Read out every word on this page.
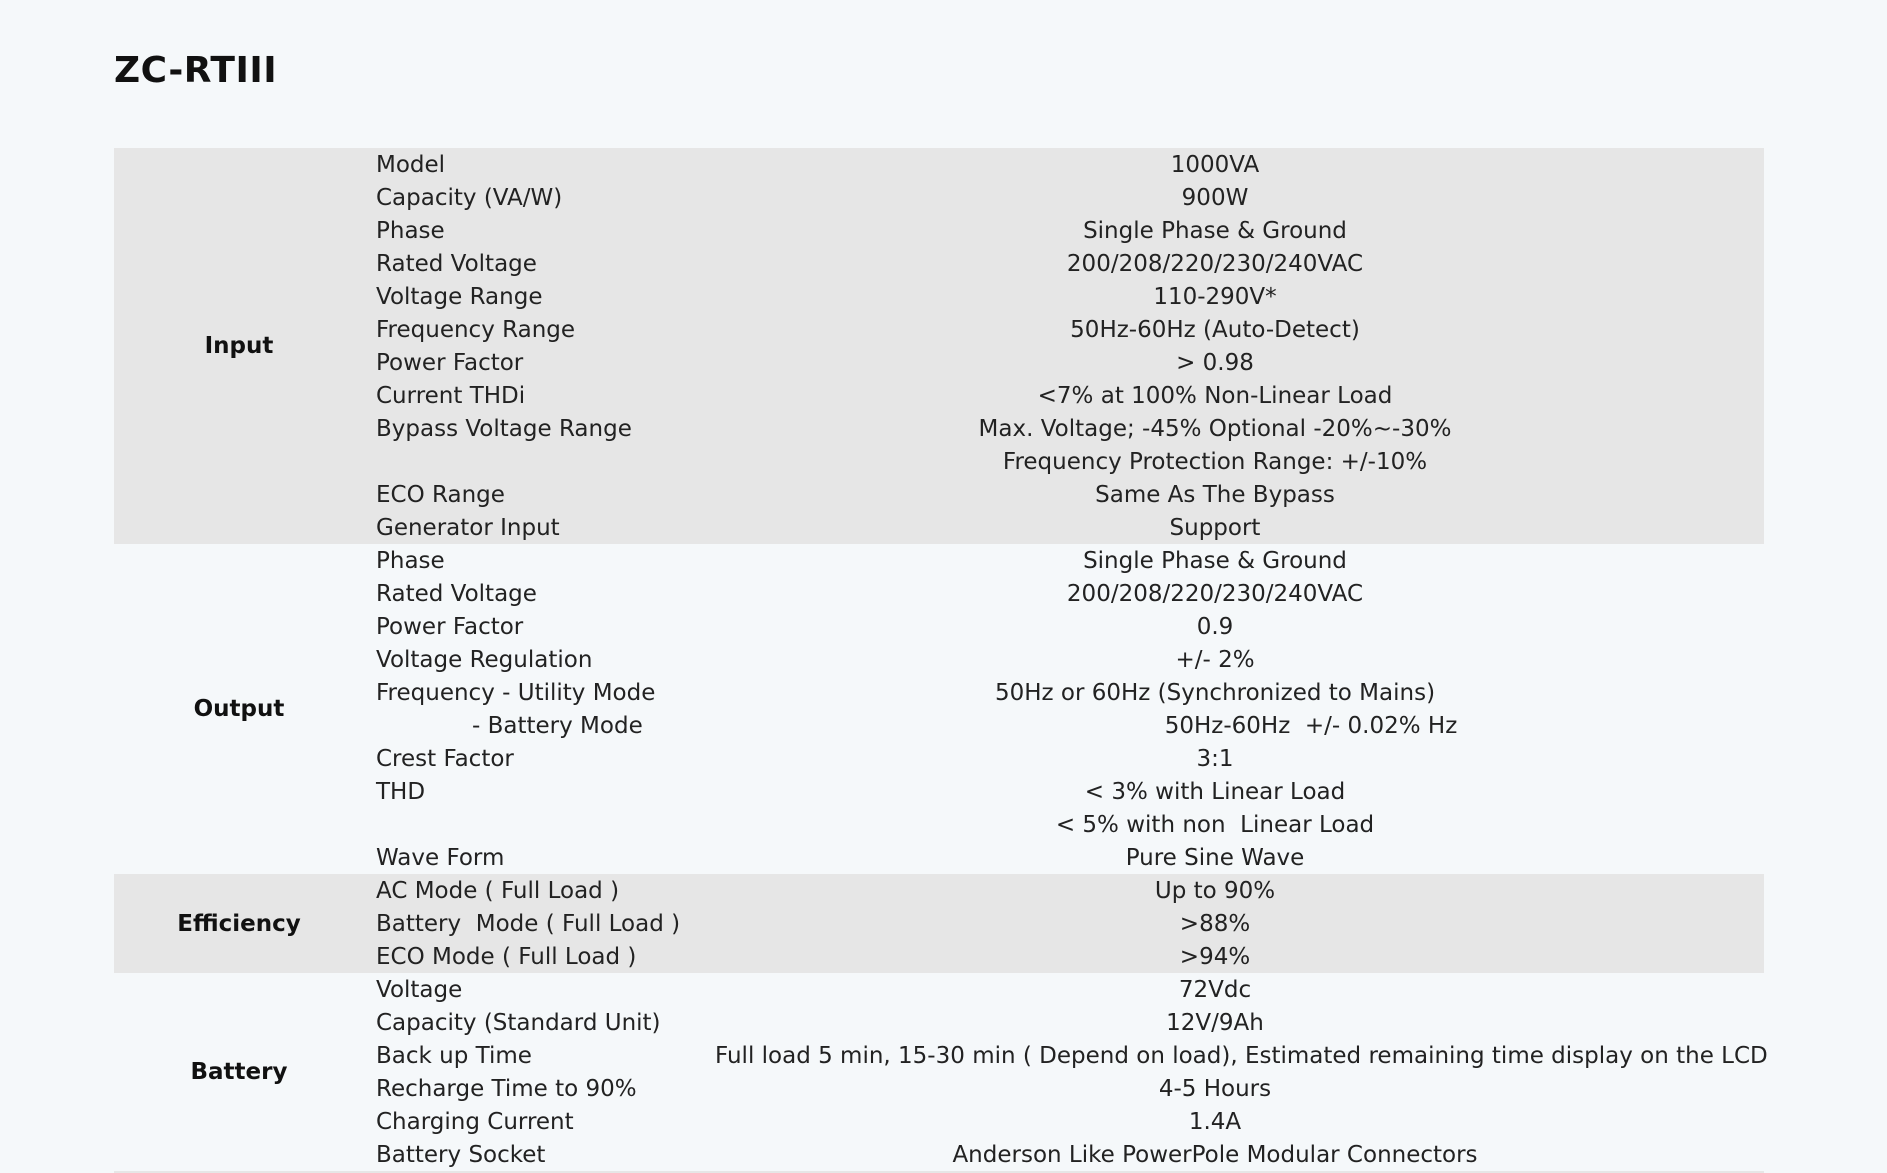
ZC-RTIII
Input
Model	1000VA
Capacity (VA/W)	900W
Phase	Single Phase & Ground
Rated Voltage	200/208/220/230/240VAC
Voltage Range	110-290V*
Frequency Range	50Hz-60Hz (Auto-Detect)
Power Factor	> 0.98
Current THDi	<7% at 100% Non-Linear Load
Bypass Voltage Range	Max. Voltage; -45% Optional -20%~-30%
Frequency Protection Range: +/-10%
ECO Range	Same As The Bypass
Generator Input	Support
Output
Phase	Single Phase & Ground
Rated Voltage	200/208/220/230/240VAC
Power Factor	0.9
Voltage Regulation	+/- 2%
Frequency - Utility Mode	50Hz or 60Hz (Synchronized to Mains)
- Battery Mode	50Hz-60Hz  +/- 0.02% Hz
Crest Factor	3:1
THD	< 3% with Linear Load
< 5% with non  Linear Load
Wave Form	Pure Sine Wave
Efficiency
AC Mode ( Full Load )	Up to 90%
Battery  Mode ( Full Load )	>88%
ECO Mode ( Full Load )	>94%
Battery
Voltage	72Vdc
Capacity (Standard Unit)	12V/9Ah
Back up Time	Full load 5 min, 15-30 min ( Depend on load), Estimated remaining time display on the LCD
Recharge Time to 90%	4-5 Hours
Charging Current	1.4A
Battery Socket	Anderson Like PowerPole Modular Connectors
